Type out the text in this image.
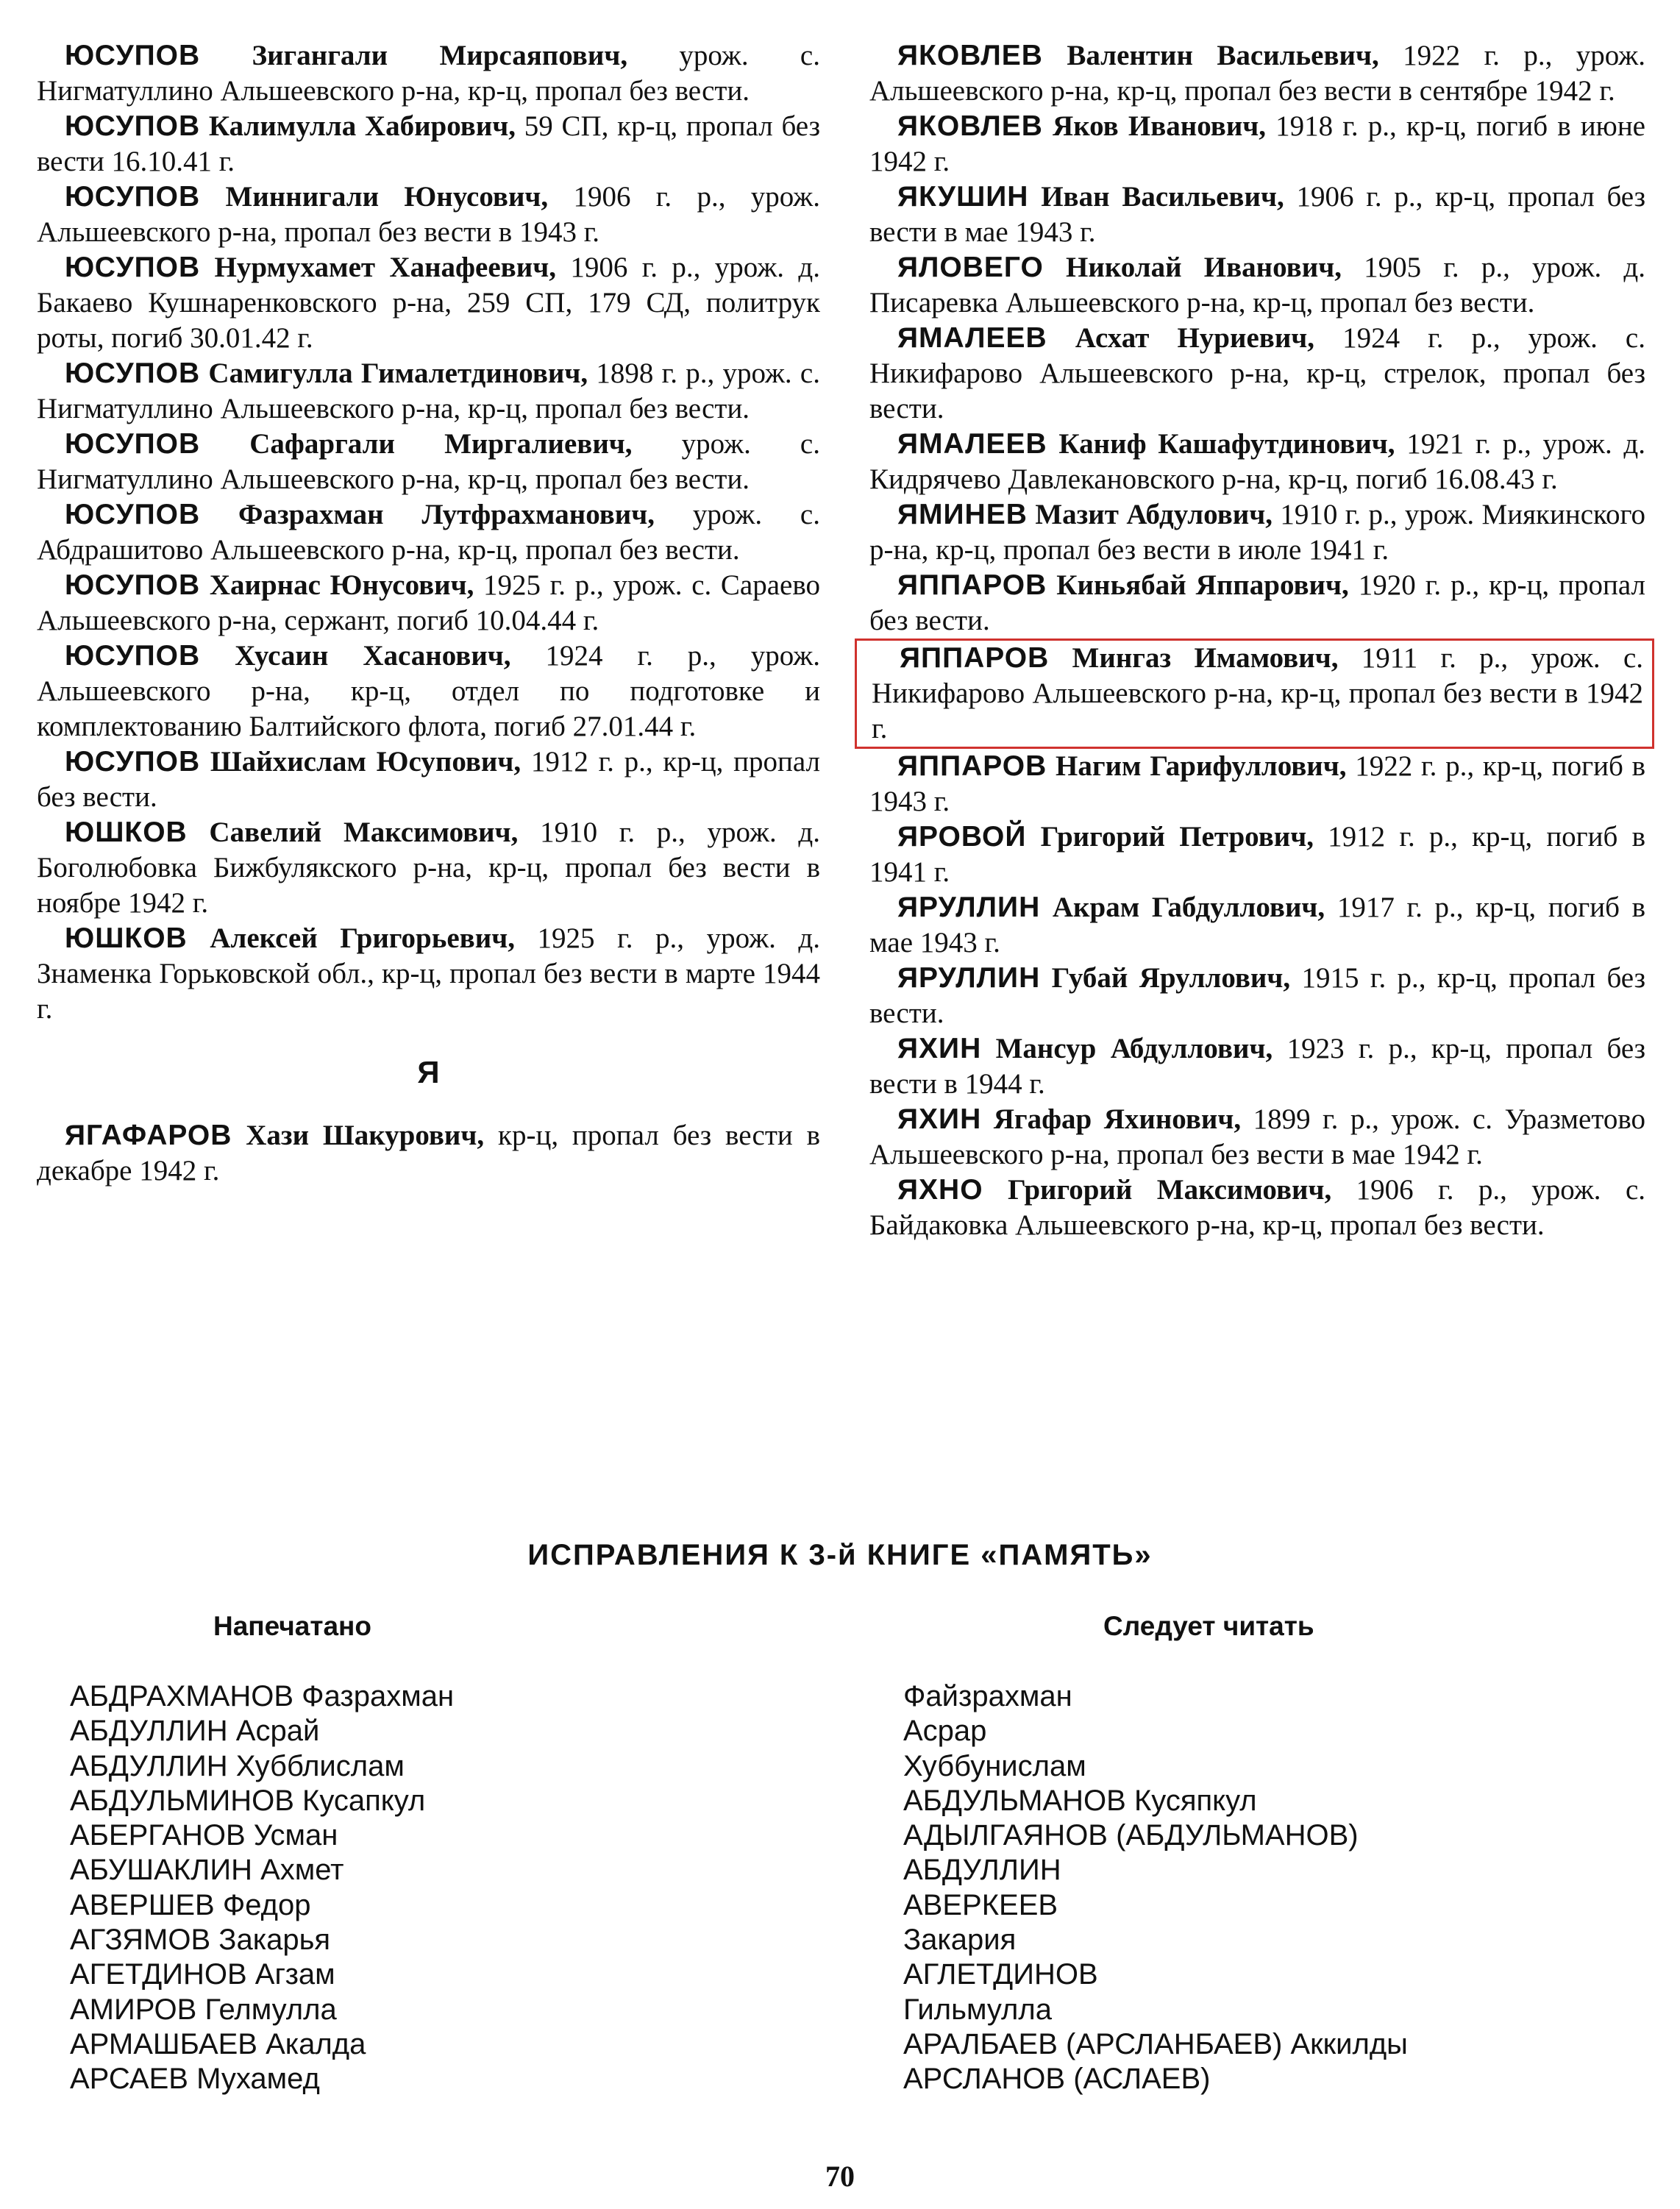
ЮСУПОВ Зигангали Мирсаяпович, урож. с. Нигматуллино Альшеевского р-на, кр-ц, пропал без вести.

ЮСУПОВ Калимулла Хабирович, 59 СП, кр-ц, пропал без вести 16.10.41 г.

ЮСУПОВ Миннигали Юнусович, 1906 г. р., урож. Альшеевского р-на, пропал без вести в 1943 г.

ЮСУПОВ Нурмухамет Ханафеевич, 1906 г. р., урож. д. Бакаево Кушнаренковского р-на, 259 СП, 179 СД, политрук роты, погиб 30.01.42 г.

ЮСУПОВ Самигулла Гималетдинович, 1898 г. р., урож. с. Нигматуллино Альшеевского р-на, кр-ц, пропал без вести.

ЮСУПОВ Сафаргали Миргалиевич, урож. с. Нигматуллино Альшеевского р-на, кр-ц, пропал без вести.

ЮСУПОВ Фазрахман Лутфрахманович, урож. с. Абдрашитово Альшеевского р-на, кр-ц, пропал без вести.

ЮСУПОВ Хаирнас Юнусович, 1925 г. р., урож. с. Сараево Альшеевского р-на, сержант, погиб 10.04.44 г.

ЮСУПОВ Хусаин Хасанович, 1924 г. р., урож. Альшеевского р-на, кр-ц, отдел по подготовке и комплектованию Балтийского флота, погиб 27.01.44 г.

ЮСУПОВ Шайхислам Юсупович, 1912 г. р., кр-ц, пропал без вести.

ЮШКОВ Савелий Максимович, 1910 г. р., урож. д. Боголюбовка Бижбулякского р-на, кр-ц, пропал без вести в ноябре 1942 г.

ЮШКОВ Алексей Григорьевич, 1925 г. р., урож. д. Знаменка Горьковской обл., кр-ц, пропал без вести в марте 1944 г.

Я

ЯГАФАРОВ Хази Шакурович, кр-ц, пропал без вести в декабре 1942 г.

ЯКОВЛЕВ Валентин Васильевич, 1922 г. р., урож. Альшеевского р-на, кр-ц, пропал без вести в сентябре 1942 г.

ЯКОВЛЕВ Яков Иванович, 1918 г. р., кр-ц, погиб в июне 1942 г.

ЯКУШИН Иван Васильевич, 1906 г. р., кр-ц, пропал без вести в мае 1943 г.

ЯЛОВЕГО Николай Иванович, 1905 г. р., урож. д. Писаревка Альшеевского р-на, кр-ц, пропал без вести.

ЯМАЛЕЕВ Асхат Нуриевич, 1924 г. р., урож. с. Никифарово Альшеевского р-на, кр-ц, стрелок, пропал без вести.

ЯМАЛЕЕВ Каниф Кашафутдинович, 1921 г. р., урож. д. Кидрячево Давлекановского р-на, кр-ц, погиб 16.08.43 г.

ЯМИНЕВ Мазит Абдулович, 1910 г. р., урож. Миякинского р-на, кр-ц, пропал без вести в июле 1941 г.

ЯППАРОВ Киньябай Яппарович, 1920 г. р., кр-ц, пропал без вести.

ЯППАРОВ Мингаз Имамович, 1911 г. р., урож. с. Никифарово Альшеевского р-на, кр-ц, пропал без вести в 1942 г.

ЯППАРОВ Нагим Гарифуллович, 1922 г. р., кр-ц, погиб в 1943 г.

ЯРОВОЙ Григорий Петрович, 1912 г. р., кр-ц, погиб в 1941 г.

ЯРУЛЛИН Акрам Габдуллович, 1917 г. р., кр-ц, погиб в мае 1943 г.

ЯРУЛЛИН Губай Яруллович, 1915 г. р., кр-ц, пропал без вести.

ЯХИН Мансур Абдуллович, 1923 г. р., кр-ц, пропал без вести в 1944 г.

ЯХИН Ягафар Яхинович, 1899 г. р., урож. с. Уразметово Альшеевского р-на, пропал без вести в мае 1942 г.

ЯХНО Григорий Максимович, 1906 г. р., урож. с. Байдаковка Альшеевского р-на, кр-ц, пропал без вести.

ИСПРАВЛЕНИЯ К 3-й КНИГЕ «ПАМЯТЬ»
Напечатано	Следует читать
АБДРАХМАНОВ Фазрахман
АБДУЛЛИН Асрай
АБДУЛЛИН Хубблислам
АБДУЛЬМИНОВ Кусапкул
АБЕРГАНОВ Усман
АБУШАКЛИН Ахмет
АВЕРШЕВ Федор
АГЗЯМОВ Закарья
АГЕТДИНОВ Агзам
АМИРОВ Гелмулла
АРМАШБАЕВ Акалда
АРСАЕВ Мухамед
Файзрахман
Асрар
Хуббунислам
АБДУЛЬМАНОВ Кусяпкул
АДЫЛГАЯНОВ (АБДУЛЬМАНОВ)
АБДУЛЛИН
АВЕРКЕЕВ
Закария
АГЛЕТДИНОВ
Гильмулла
АРАЛБАЕВ (АРСЛАНБАЕВ) Аккилды
АРСЛАНОВ (АСЛАЕВ)
70
